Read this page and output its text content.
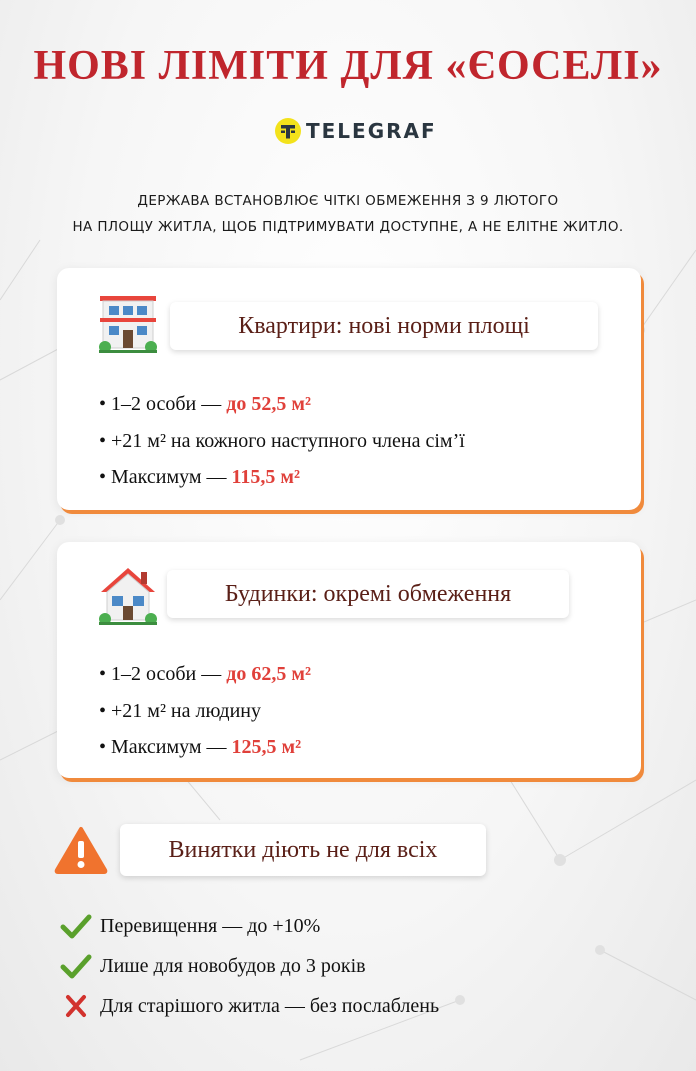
НОВІ ЛІМІТИ ДЛЯ «ЄОСЕЛІ»
TELEGRAF
ДЕРЖАВА ВСТАНОВЛЮЄ ЧІТКІ ОБМЕЖЕННЯ З 9 ЛЮТОГО
НА ПЛОЩУ ЖИТЛА, ЩОБ ПІДТРИМУВАТИ ДОСТУПНЕ, А НЕ ЕЛІТНЕ ЖИТЛО.
Квартири: нові норми площі
• 1–2 особи — до 52,5 м²
• +21 м² на кожного наступного члена сім’ї
• Максимум — 115,5 м²
Будинки: окремі обмеження
• 1–2 особи — до 62,5 м²
• +21 м² на людину
• Максимум — 125,5 м²
Винятки діють не для всіх
Перевищення — до +10%
Лише для новобудов до 3 років
Для старішого житла — без послаблень
